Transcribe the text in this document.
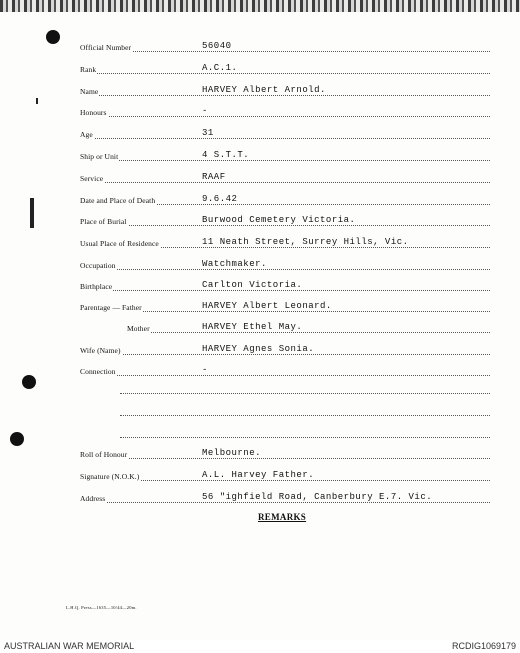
Official Number	56040
Rank	A.C.1.
Name	HARVEY Albert Arnold.
Honours	-
Age	31
Ship or Unit	4 S.T.T.
Service	RAAF
Date and Place of Death	9.6.42
Place of Burial	Burwood Cemetery Victoria.
Usual Place of Residence	11 Neath Street, Surrey Hills, Vic.
Occupation	Watchmaker.
Birthplace	Carlton Victoria.
Parentage — Father	HARVEY Albert Leonard.
Mother	HARVEY Ethel May.
Wife (Name)	HARVEY Agnes Sonia.
Connection	-
Roll of Honour	Melbourne.
Signature (N.O.K.)	A.L. Harvey Father.
Address	56 "ighfield Road, Canberbury E.7. Vic.
REMARKS
L.H.Q. Press—1635—10/44—20m.
AUSTRALIAN WAR MEMORIAL	RCDIG1069179
